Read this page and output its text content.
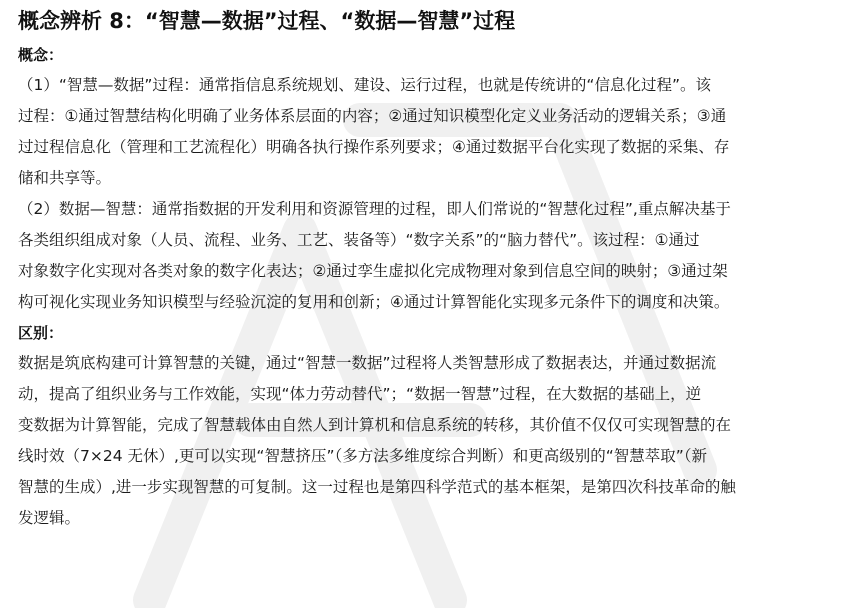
概念辨析 8：“智慧—数据”过程、“数据—智慧”过程
概念：
（1）“智慧—数据”过程：通常指信息系统规划、建设、运行过程，也就是传统讲的“信息化过程”。该
过程：①通过智慧结构化明确了业务体系层面的内容；②通过知识模型化定义业务活动的逻辑关系；③通
过过程信息化（管理和工艺流程化）明确各执行操作系列要求；④通过数据平台化实现了数据的采集、存
储和共享等。
（2）数据—智慧：通常指数据的开发利用和资源管理的过程，即人们常说的“智慧化过程”,重点解决基于
各类组织组成对象（人员、流程、业务、工艺、装备等）“数字关系”的“脑力替代”。该过程：①通过
对象数字化实现对各类对象的数字化表达；②通过孪生虚拟化完成物理对象到信息空间的映射；③通过架
构可视化实现业务知识模型与经验沉淀的复用和创新；④通过计算智能化实现多元条件下的调度和决策。
区别：
数据是筑底构建可计算智慧的关键，通过“智慧一数据”过程将人类智慧形成了数据表达，并通过数据流
动，提高了组织业务与工作效能，实现“体力劳动替代”；“数据一智慧”过程，在大数据的基础上，逆
变数据为计算智能，完成了智慧载体由自然人到计算机和信息系统的转移，其价值不仅仅可实现智慧的在
线时效（7×24 无休）,更可以实现“智慧挤压”（多方法多维度综合判断）和更高级别的“智慧萃取”（新
智慧的生成）,进一步实现智慧的可复制。这一过程也是第四科学范式的基本框架，是第四次科技革命的触
发逻辑。
